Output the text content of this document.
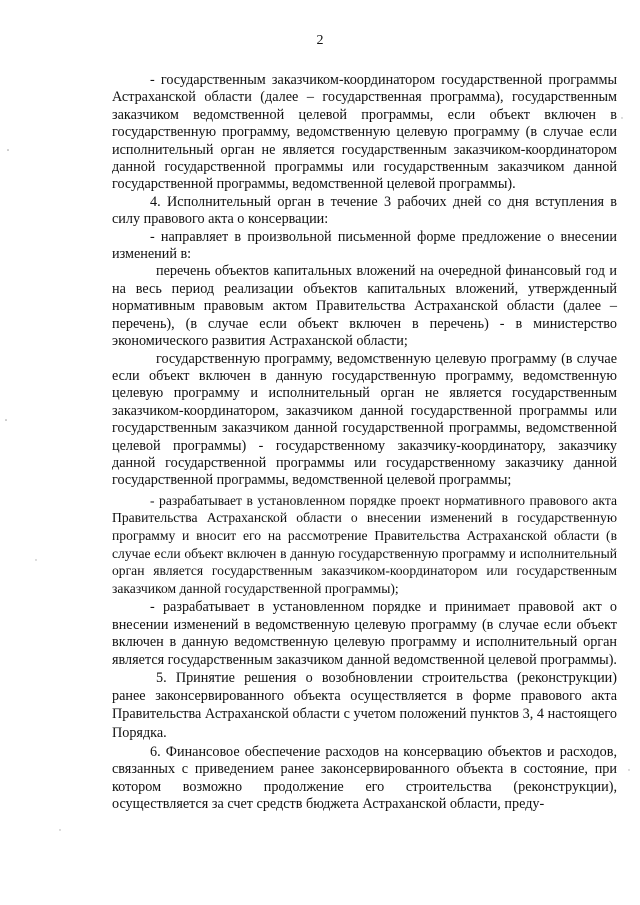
2

- государственным заказчиком-координатором государственной программы Астраханской области (далее – государственная программа), государственным заказчиком ведомственной целевой программы, если объект включен в государственную программу, ведомственную целевую программу (в случае если исполнительный орган не является государственным заказчиком-координатором данной государственной программы или государственным заказчиком данной государственной программы, ведомственной целевой программы).

4. Исполнительный орган в течение 3 рабочих дней со дня вступления в силу правового акта о консервации:

- направляет в произвольной письменной форме предложение о внесении изменений в:

перечень объектов капитальных вложений на очередной финансовый год и на весь период реализации объектов капитальных вложений, утвержденный нормативным правовым актом Правительства Астраханской области (далее – перечень), (в случае если объект включен в перечень) - в министерство экономического развития Астраханской области;

государственную программу, ведомственную целевую программу (в случае если объект включен в данную государственную программу, ведомственную целевую программу и исполнительный орган не является государственным заказчиком-координатором, заказчиком данной государственной программы или государственным заказчиком данной государственной программы, ведомственной целевой программы) - государственному заказчику-координатору, заказчику данной государственной программы или государственному заказчику данной государственной программы, ведомственной целевой программы;

- разрабатывает в установленном порядке проект нормативного правового акта Правительства Астраханской области о внесении изменений в государственную программу и вносит его на рассмотрение Правительства Астраханской области (в случае если объект включен в данную государственную программу и исполнительный орган является государственным заказчиком-координатором или государственным заказчиком данной государственной программы);

- разрабатывает в установленном порядке и принимает правовой акт о внесении изменений в ведомственную целевую программу (в случае если объект включен в данную ведомственную целевую программу и исполнительный орган является государственным заказчиком данной ведомственной целевой программы).

5. Принятие решения о возобновлении строительства (реконструкции) ранее законсервированного объекта осуществляется в форме правового акта Правительства Астраханской области с учетом положений пунктов 3, 4 настоящего Порядка.

6. Финансовое обеспечение расходов на консервацию объектов и расходов, связанных с приведением ранее законсервированного объекта в состояние, при котором возможно продолжение его строительства (реконструкции), осуществляется за счет средств бюджета Астраханской области, преду-
